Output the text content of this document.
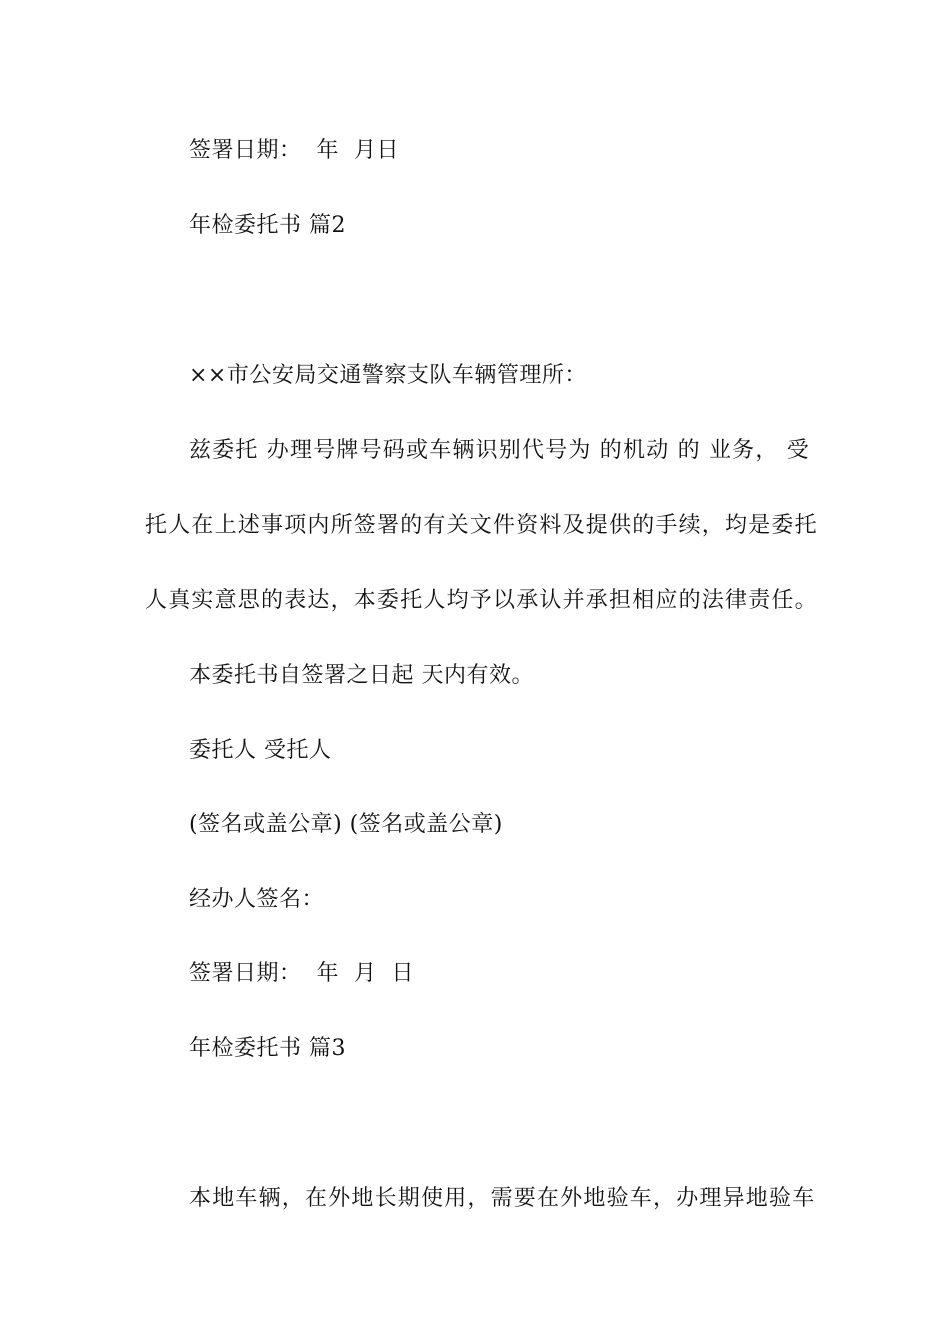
签署日期：  年  月日
年检委托书 篇2
××市公安局交通警察支队车辆管理所：
兹委托 办理号牌号码或车辆识别代号为 的机动 的 业务， 受
托人在上述事项内所签署的有关文件资料及提供的手续，均是委托
人真实意思的表达，本委托人均予以承认并承担相应的法律责任。
本委托书自签署之日起 天内有效。
委托人 受托人
(签名或盖公章) (签名或盖公章)
经办人签名：
签署日期：  年  月  日
年检委托书 篇3
本地车辆，在外地长期使用，需要在外地验车，办理异地验车
